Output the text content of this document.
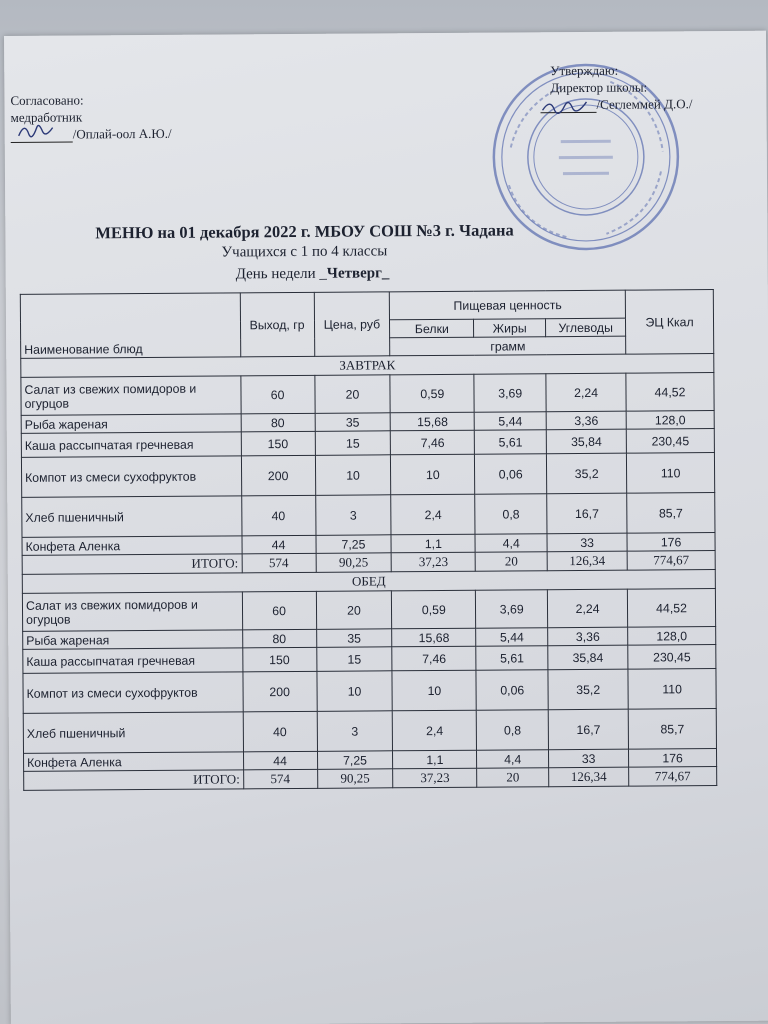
Согласовано:
медработник
/Оплай-оол А.Ю./
Утверждаю:
Директор школы:
/Сеглеммей Д.О./
МЕНЮ на 01 декабря 2022 г. МБОУ СОШ №3 г. Чадана
Учащихся с 1 по 4 классы
День недели _Четверг_
Наименование блюд	Выход, гр	Цена, руб	Пищевая ценность			ЭЦ Ккал
			Белки	Жиры	Углеводы	
			грамм			
ЗАВТРАК						
Салат из свежих помидоров и огурцов	60	20	0,59	3,69	2,24	44,52
Рыба жареная	80	35	15,68	5,44	3,36	128,0
Каша рассыпчатая гречневая	150	15	7,46	5,61	35,84	230,45
Компот из смеси сухофруктов	200	10	10	0,06	35,2	110
Хлеб пшеничный	40	3	2,4	0,8	16,7	85,7
Конфета Аленка	44	7,25	1,1	4,4	33	176
ИТОГО:	574	90,25	37,23	20	126,34	774,67
ОБЕД						
Салат из свежих помидоров и огурцов	60	20	0,59	3,69	2,24	44,52
Рыба жареная	80	35	15,68	5,44	3,36	128,0
Каша рассыпчатая гречневая	150	15	7,46	5,61	35,84	230,45
Компот из смеси сухофруктов	200	10	10	0,06	35,2	110
Хлеб пшеничный	40	3	2,4	0,8	16,7	85,7
Конфета Аленка	44	7,25	1,1	4,4	33	176
ИТОГО:	574	90,25	37,23	20	126,34	774,67
